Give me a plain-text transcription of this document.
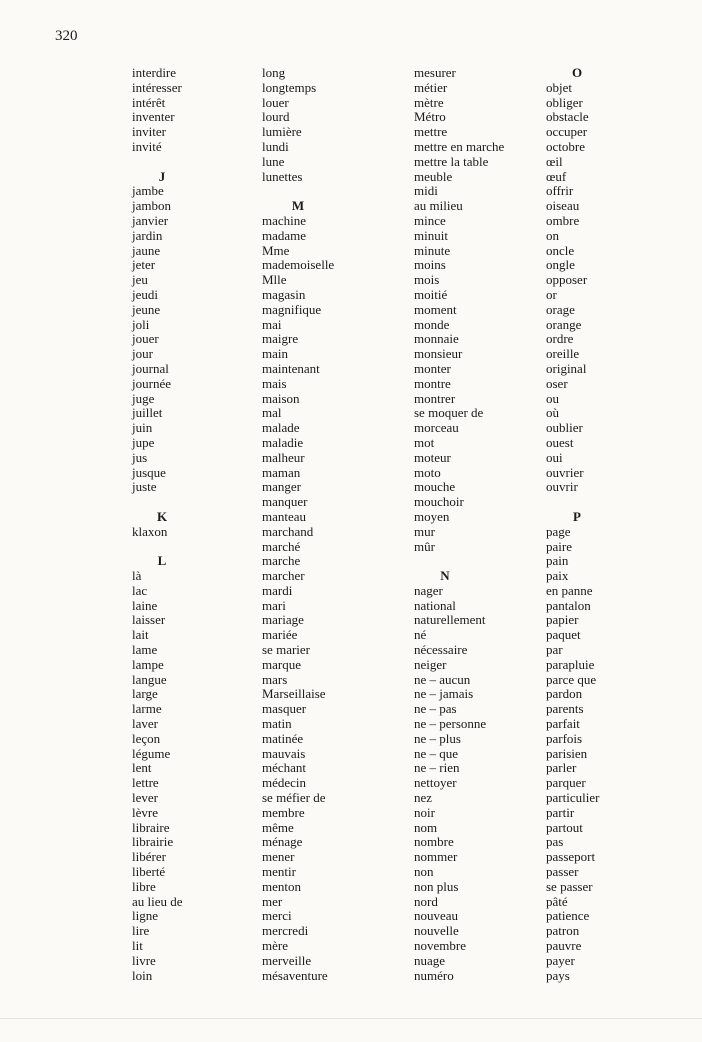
320
interdire
intéresser
intérêt
inventer
inviter
invité
J
jambe
jambon
janvier
jardin
jaune
jeter
jeu
jeudi
jeune
joli
jouer
jour
journal
journée
juge
juillet
juin
jupe
jus
jusque
juste
K
klaxon
L
là
lac
laine
laisser
lait
lame
lampe
langue
large
larme
laver
leçon
légume
lent
lettre
lever
lèvre
libraire
librairie
libérer
liberté
libre
au lieu de
ligne
lire
lit
livre
loin
long
longtemps
louer
lourd
lumière
lundi
lune
lunettes
M
machine
madame
Mme
mademoiselle
Mlle
magasin
magnifique
mai
maigre
main
maintenant
mais
maison
mal
malade
maladie
malheur
maman
manger
manquer
manteau
marchand
marché
marche
marcher
mardi
mari
mariage
mariée
se marier
marque
mars
Marseillaise
masquer
matin
matinée
mauvais
méchant
médecin
se méfier de
membre
même
ménage
mener
mentir
menton
mer
merci
mercredi
mère
merveille
mésaventure
mesurer
métier
mètre
Métro
mettre
mettre en marche
mettre la table
meuble
midi
au milieu
mince
minuit
minute
moins
mois
moitié
moment
monde
monnaie
monsieur
monter
montre
montrer
se moquer de
morceau
mot
moteur
moto
mouche
mouchoir
moyen
mur
mûr
N
nager
national
naturellement
né
nécessaire
neiger
ne – aucun
ne – jamais
ne – pas
ne – personne
ne – plus
ne – que
ne – rien
nettoyer
nez
noir
nom
nombre
nommer
non
non plus
nord
nouveau
nouvelle
novembre
nuage
numéro
O
objet
obliger
obstacle
occuper
octobre
œil
œuf
offrir
oiseau
ombre
on
oncle
ongle
opposer
or
orage
orange
ordre
oreille
original
oser
ou
où
oublier
ouest
oui
ouvrier
ouvrir
P
page
paire
pain
paix
en panne
pantalon
papier
paquet
par
parapluie
parce que
pardon
parents
parfait
parfois
parisien
parler
parquer
particulier
partir
partout
pas
passeport
passer
se passer
pâté
patience
patron
pauvre
payer
pays
